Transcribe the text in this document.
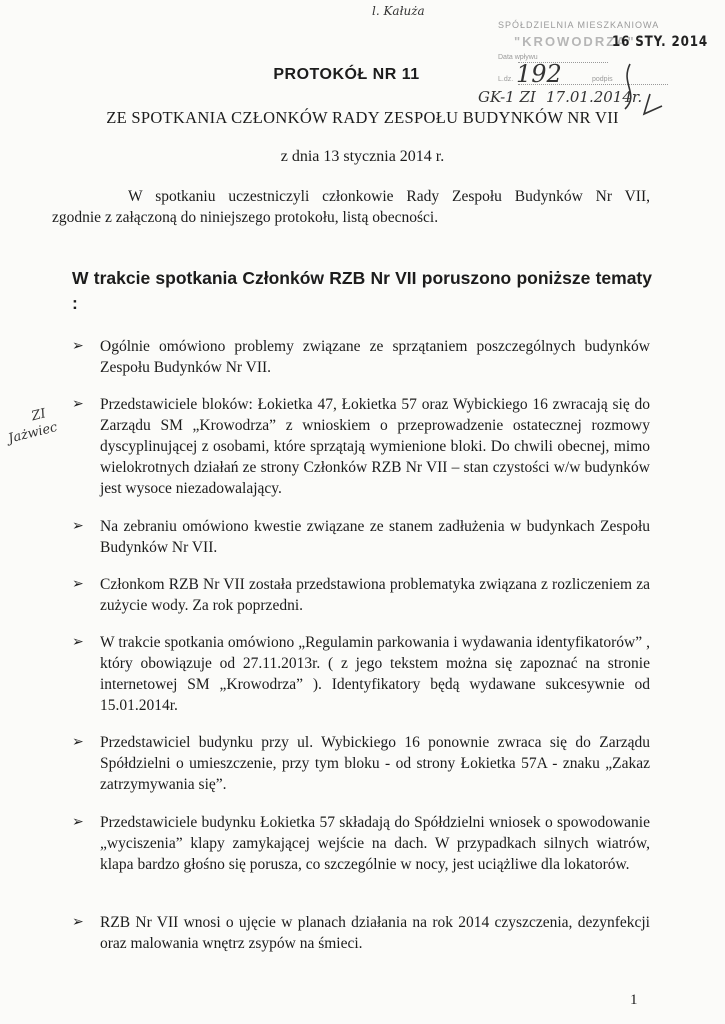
l. Kałuża
SPÓŁDZIELNIA MIESZKANIOWA
"KROWODRZA"
Data wpływu
L.dz.	podpis
16 STY. 2014
192
GK-1 ZI 17.01.2014r.
PROTOKÓŁ NR 11
ZE SPOTKANIA CZŁONKÓW RADY ZESPOŁU BUDYNKÓW NR VII
z dnia 13 stycznia 2014 r.
W spotkaniu uczestniczyli członkowie Rady Zespołu Budynków Nr VII,
zgodnie z załączoną do niniejszego protokołu, listą obecności.
W trakcie spotkania Członków RZB Nr VII poruszono poniższe tematy :
ZI
Jażwiec
➢ Ogólnie omówiono problemy związane ze sprzątaniem poszczególnych budynków Zespołu Budynków Nr VII.
➢ Przedstawiciele bloków: Łokietka 47, Łokietka 57 oraz Wybickiego 16 zwracają się do Zarządu SM „Krowodrza” z wnioskiem o przeprowadzenie ostatecznej rozmowy dyscyplinującej z osobami, które sprzątają wymienione bloki. Do chwili obecnej, mimo wielokrotnych działań ze strony Członków RZB Nr VII – stan czystości w/w budynków jest wysoce niezadowalający.
➢ Na zebraniu omówiono kwestie związane ze stanem zadłużenia w budynkach Zespołu Budynków Nr VII.
➢ Członkom RZB Nr VII została przedstawiona problematyka związana z rozliczeniem za zużycie wody. Za rok poprzedni.
➢ W trakcie spotkania omówiono „Regulamin parkowania i wydawania identyfikatorów” , który obowiązuje od 27.11.2013r. ( z jego tekstem można się zapoznać na stronie internetowej SM „Krowodrza” ). Identyfikatory będą wydawane sukcesywnie od 15.01.2014r.
➢ Przedstawiciel budynku przy ul. Wybickiego 16 ponownie zwraca się do Zarządu Spółdzielni o umieszczenie, przy tym bloku - od strony Łokietka 57A - znaku „Zakaz zatrzymywania się”.
➢ Przedstawiciele budynku Łokietka 57 składają do Spółdzielni wniosek o spowodowanie „wyciszenia” klapy zamykającej wejście na dach. W przypadkach silnych wiatrów, klapa bardzo głośno się porusza, co szczególnie w nocy, jest uciążliwe dla lokatorów.
➢ RZB Nr VII wnosi o ujęcie w planach działania na rok 2014 czyszczenia, dezynfekcji oraz malowania wnętrz zsypów na śmieci.
1
